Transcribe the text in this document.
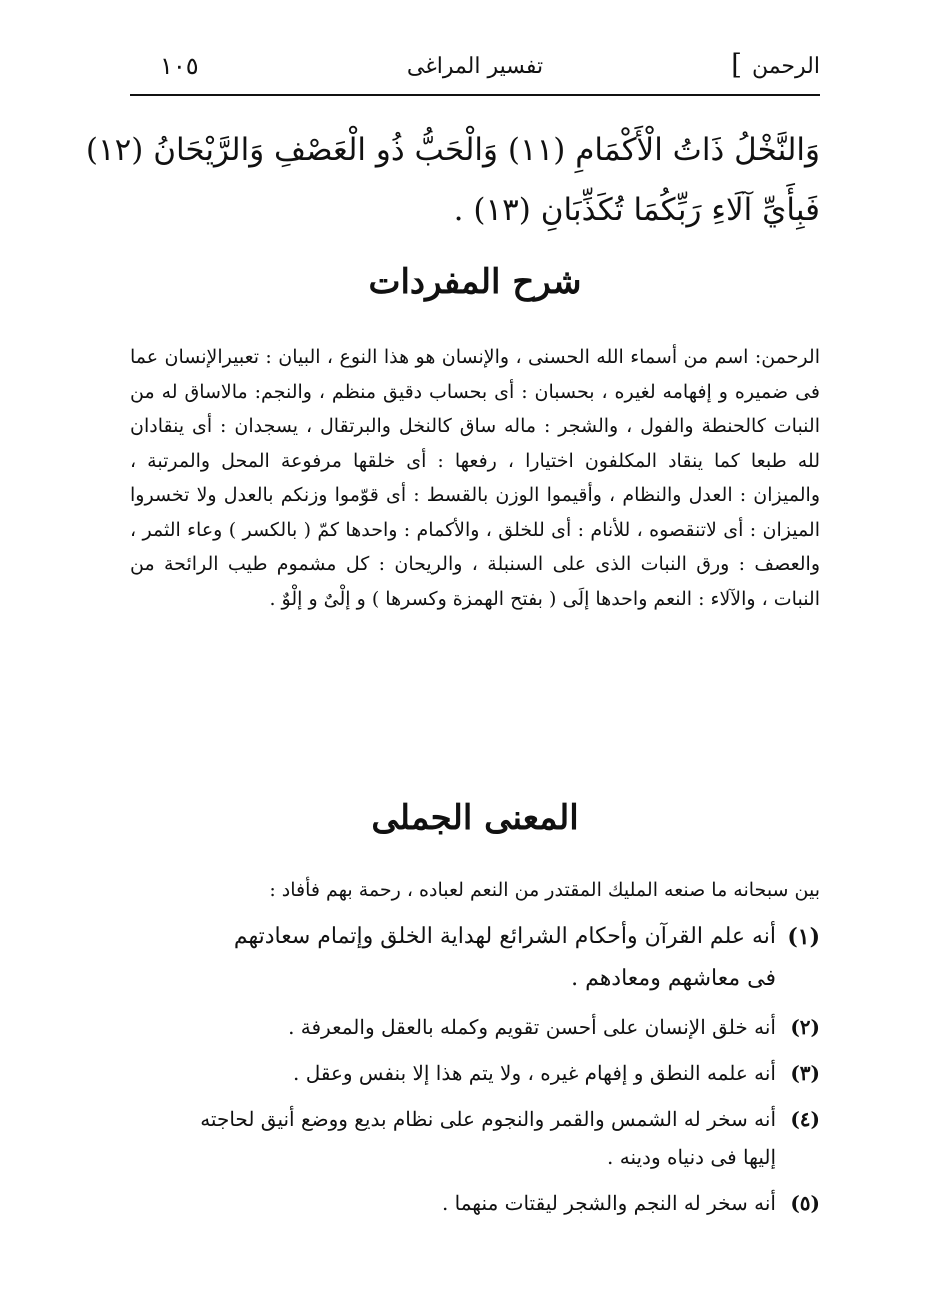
الرحمن
]
تفسير المراغى
١٠٥
وَالنَّخْلُ ذَاتُ الْأَكْمَامِ (١١) وَالْحَبُّ ذُو الْعَصْفِ وَالرَّيْحَانُ (١٢)
فَبِأَيِّ آلَاءِ رَبِّكُمَا تُكَذِّبَانِ (١٣) .
شرح المفردات
الرحمن: اسم من أسماء الله الحسنى ، والإنسان هو هذا النوع ، البيان : تعبيرالإنسان عما فى ضميره و إفهامه لغيره ، بحسبان : أى بحساب دقيق منظم ، والنجم: مالاساق له من النبات كالحنطة والفول ، والشجر : ماله ساق كالنخل والبرتقال ، يسجدان : أى ينقادان لله طبعا كما ينقاد المكلفون اختيارا ، رفعها : أى خلقها مرفوعة المحل والمرتبة ، والميزان : العدل والنظام ، وأقيموا الوزن بالقسط : أى قوّموا وزنكم بالعدل ولا تخسروا الميزان : أى لاتنقصوه ، للأنام : أى للخلق ، والأكمام : واحدها كمّ ( بالكسر ) وعاء الثمر ، والعصف : ورق النبات الذى على السنبلة ، والريحان : كل مشموم طيب الرائحة من النبات ، والآلاء : النعم واحدها إلَى ( بفتح الهمزة وكسرها ) و إلْىٌ و إلْوٌ .
المعنى الجملى
بين سبحانه ما صنعه المليك المقتدر من النعم لعباده ، رحمة بهم فأفاد :
(١)
أنه علم القرآن وأحكام الشرائع لهداية الخلق وإتمام سعادتهم
فى معاشهم ومعادهم .
(٢)
أنه خلق الإنسان على أحسن تقويم وكمله بالعقل والمعرفة .
(٣)
أنه علمه النطق و إفهام غيره ، ولا يتم هذا إلا بنفس وعقل .
(٤)
أنه سخر له الشمس والقمر والنجوم على نظام بديع ووضع أنيق لحاجته
إليها فى دنياه ودينه .
(٥)
أنه سخر له النجم والشجر ليقتات منهما .
